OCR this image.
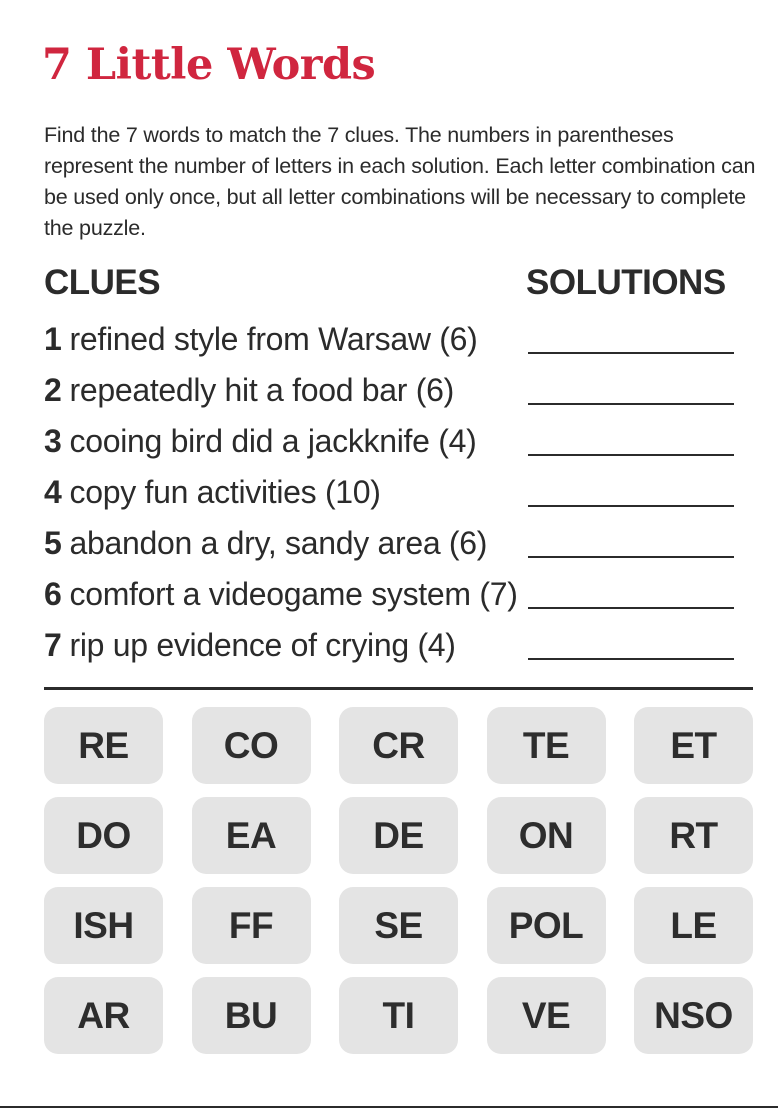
7 Little Words

Find the 7 words to match the 7 clues. The numbers in parentheses represent the number of letters in each solution. Each letter combination can be used only once, but all letter combinations will be necessary to complete the puzzle.

CLUES	SOLUTIONS
1 refined style from Warsaw (6)
2 repeatedly hit a food bar (6)
3 cooing bird did a jackknife (4)
4 copy fun activities (10)
5 abandon a dry, sandy area (6)
6 comfort a videogame system (7)
7 rip up evidence of crying (4)
RE	CO	CR	TE	ET
DO	EA	DE	ON	RT
ISH	FF	SE	POL	LE
AR	BU	TI	VE	NSO
